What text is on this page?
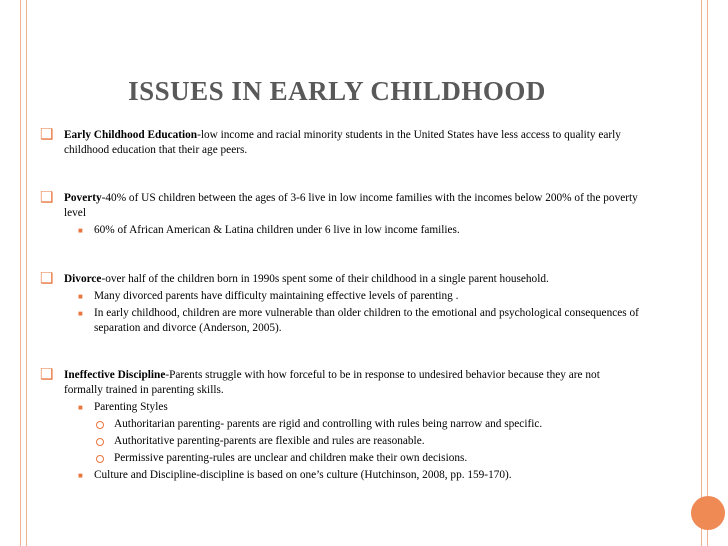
ISSUES IN EARLY CHILDHOOD
❑ Early Childhood Education-low income and racial minority students in the United States have less access to quality early childhood education that their age peers.
❑ Poverty-40% of US children between the ages of 3-6 live in low income families with the incomes below 200% of the poverty level
■ 60% of African American & Latina children under 6 live in low income families.
❑ Divorce-over half of the children born in 1990s spent some of their childhood in a single parent household.
■ Many divorced parents have difficulty maintaining effective levels of parenting .
■ In early childhood, children are more vulnerable than older children to the emotional and psychological consequences of separation and divorce (Anderson, 2005).
❑ Ineffective Discipline-Parents struggle with how forceful to be in response to undesired behavior because they are not formally trained in parenting skills.
■ Parenting Styles
Authoritarian parenting- parents are rigid and controlling with rules being narrow and specific.
Authoritative parenting-parents are flexible and rules are reasonable.
Permissive parenting-rules are unclear and children make their own decisions.
■ Culture and Discipline-discipline is based on one’s culture (Hutchinson, 2008, pp. 159-170).
